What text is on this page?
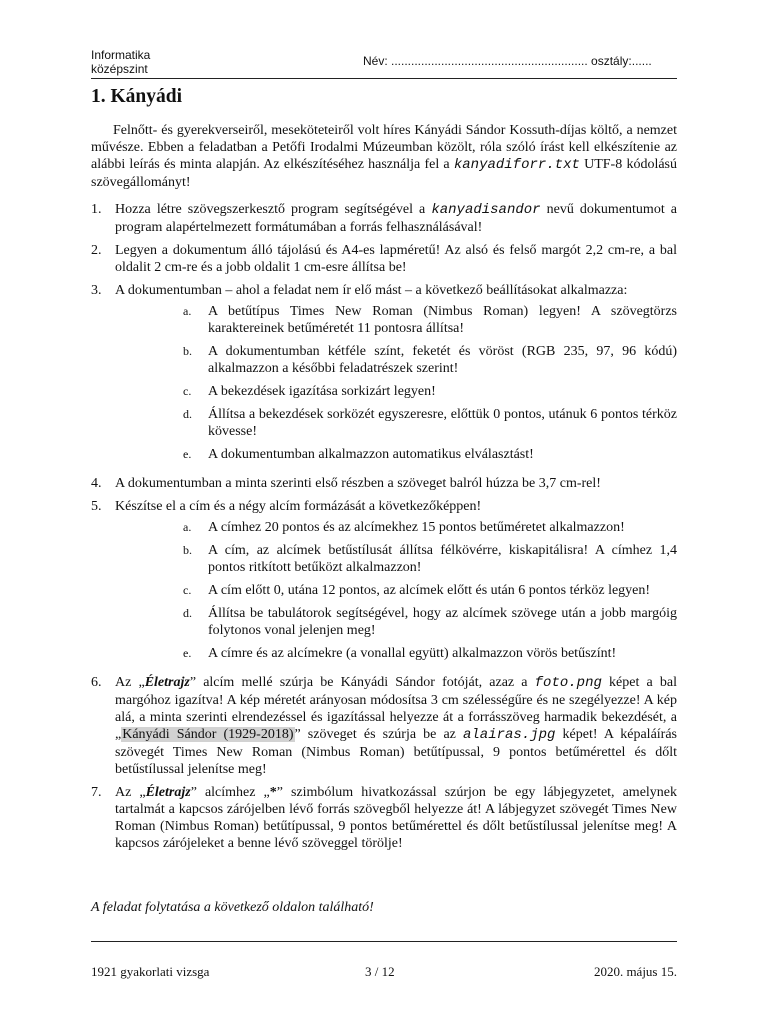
Informatika
középszint
Név: ........................................................... osztály:......
1. Kányádi

Felnőtt- és gyerekverseiről, meseköteteiről volt híres Kányádi Sándor Kossuth-díjas költő, a nemzet művésze. Ebben a feladatban a Petőfi Irodalmi Múzeumban közölt, róla szóló írást kell elkészítenie az alábbi leírás és minta alapján. Az elkészítéséhez használja fel a kanyadiforr.txt UTF-8 kódolású szövegállományt!

1. Hozza létre szövegszerkesztő program segítségével a kanyadisandor nevű dokumentumot a program alapértelmezett formátumában a forrás felhasználásával!
2. Legyen a dokumentum álló tájolású és A4-es lapméretű! Az alsó és felső margót 2,2 cm-re, a bal oldalit 2 cm-re és a jobb oldalit 1 cm-esre állítsa be!
3. A dokumentumban – ahol a feladat nem ír elő mást – a következő beállításokat alkalmazza:
a.	A betűtípus Times New Roman (Nimbus Roman) legyen! A szövegtörzs karaktereinek betűméretét 11 pontosra állítsa!
b.	A dokumentumban kétféle színt, feketét és vöröst (RGB 235, 97, 96 kódú) alkalmazzon a későbbi feladatrészek szerint!
c.	A bekezdések igazítása sorkizárt legyen!
d.	Állítsa a bekezdések sorközét egyszeresre, előttük 0 pontos, utánuk 6 pontos térköz kövesse!
e.	A dokumentumban alkalmazzon automatikus elválasztást!
4. A dokumentumban a minta szerinti első részben a szöveget balról húzza be 3,7 cm-rel!
5. Készítse el a cím és a négy alcím formázását a következőképpen!
a.	A címhez 20 pontos és az alcímekhez 15 pontos betűméretet alkalmazzon!
b.	A cím, az alcímek betűstílusát állítsa félkövérre, kiskapitálisra! A címhez 1,4 pontos ritkított betűközt alkalmazzon!
c.	A cím előtt 0, utána 12 pontos, az alcímek előtt és után 6 pontos térköz legyen!
d.	Állítsa be tabulátorok segítségével, hogy az alcímek szövege után a jobb margóig folytonos vonal jelenjen meg!
e.	A címre és az alcímekre (a vonallal együtt) alkalmazzon vörös betűszínt!
6. Az „Életrajz” alcím mellé szúrja be Kányádi Sándor fotóját, azaz a foto.png képet a bal margóhoz igazítva! A kép méretét arányosan módosítsa 3 cm szélességűre és ne szegélyezze! A kép alá, a minta szerinti elrendezéssel és igazítással helyezze át a forrásszöveg harmadik bekezdését, a „Kányádi Sándor (1929-2018)” szöveget és szúrja be az alairas.jpg képet! A képaláírás szövegét Times New Roman (Nimbus Roman) betűtípussal, 9 pontos betűmérettel és dőlt betűstílussal jelenítse meg!
7. Az „Életrajz” alcímhez „*” szimbólum hivatkozással szúrjon be egy lábjegyzetet, amelynek tartalmát a kapcsos zárójelben lévő forrás szövegből helyezze át! A lábjegyzet szövegét Times New Roman (Nimbus Roman) betűtípussal, 9 pontos betűmérettel és dőlt betűstílussal jelenítse meg! A kapcsos zárójeleket a benne lévő szöveggel törölje!
A feladat folytatása a következő oldalon található!
1921 gyakorlati vizsga	3 / 12	2020. május 15.
